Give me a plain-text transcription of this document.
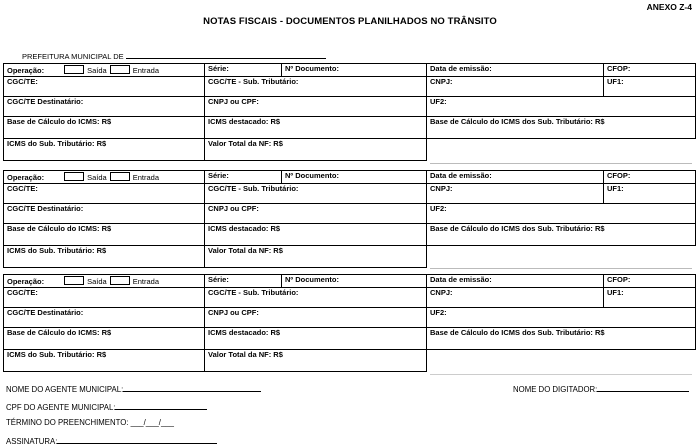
ANEXO Z-4
NOTAS FISCAIS - DOCUMENTOS PLANILHADOS NO TRÂNSITO
PREFEITURA MUNICIPAL DE
Operação: Saída Entrada	Série:	Nº Documento:	Data de emissão:	CFOP:
CGC/TE:	CGC/TE - Sub. Tributário:		CNPJ:	UF1:
CGC/TE Destinatário:	CNPJ ou CPF:		UF2:	
Base de Cálculo do ICMS: R$	ICMS destacado: R$		Base de Cálculo do ICMS dos Sub. Tributário: R$	
ICMS do Sub. Tributário: R$	Valor Total da NF: R$			
Operação: Saída Entrada	Série:	Nº Documento:	Data de emissão:	CFOP:
CGC/TE:	CGC/TE - Sub. Tributário:		CNPJ:	UF1:
CGC/TE Destinatário:	CNPJ ou CPF:		UF2:	
Base de Cálculo do ICMS: R$	ICMS destacado: R$		Base de Cálculo do ICMS dos Sub. Tributário: R$	
ICMS do Sub. Tributário: R$	Valor Total da NF: R$			
Operação: Saída Entrada	Série:	Nº Documento:	Data de emissão:	CFOP:
CGC/TE:	CGC/TE - Sub. Tributário:		CNPJ:	UF1:
CGC/TE Destinatário:	CNPJ ou CPF:		UF2:	
Base de Cálculo do ICMS: R$	ICMS destacado: R$		Base de Cálculo do ICMS dos Sub. Tributário: R$	
ICMS do Sub. Tributário: R$	Valor Total da NF: R$			
NOME DO AGENTE MUNICIPAL:	NOME DO DIGITADOR:
CPF DO AGENTE MUNICIPAL:
TÉRMINO DO PREENCHIMENTO: ___/___/___
ASSINATURA:
